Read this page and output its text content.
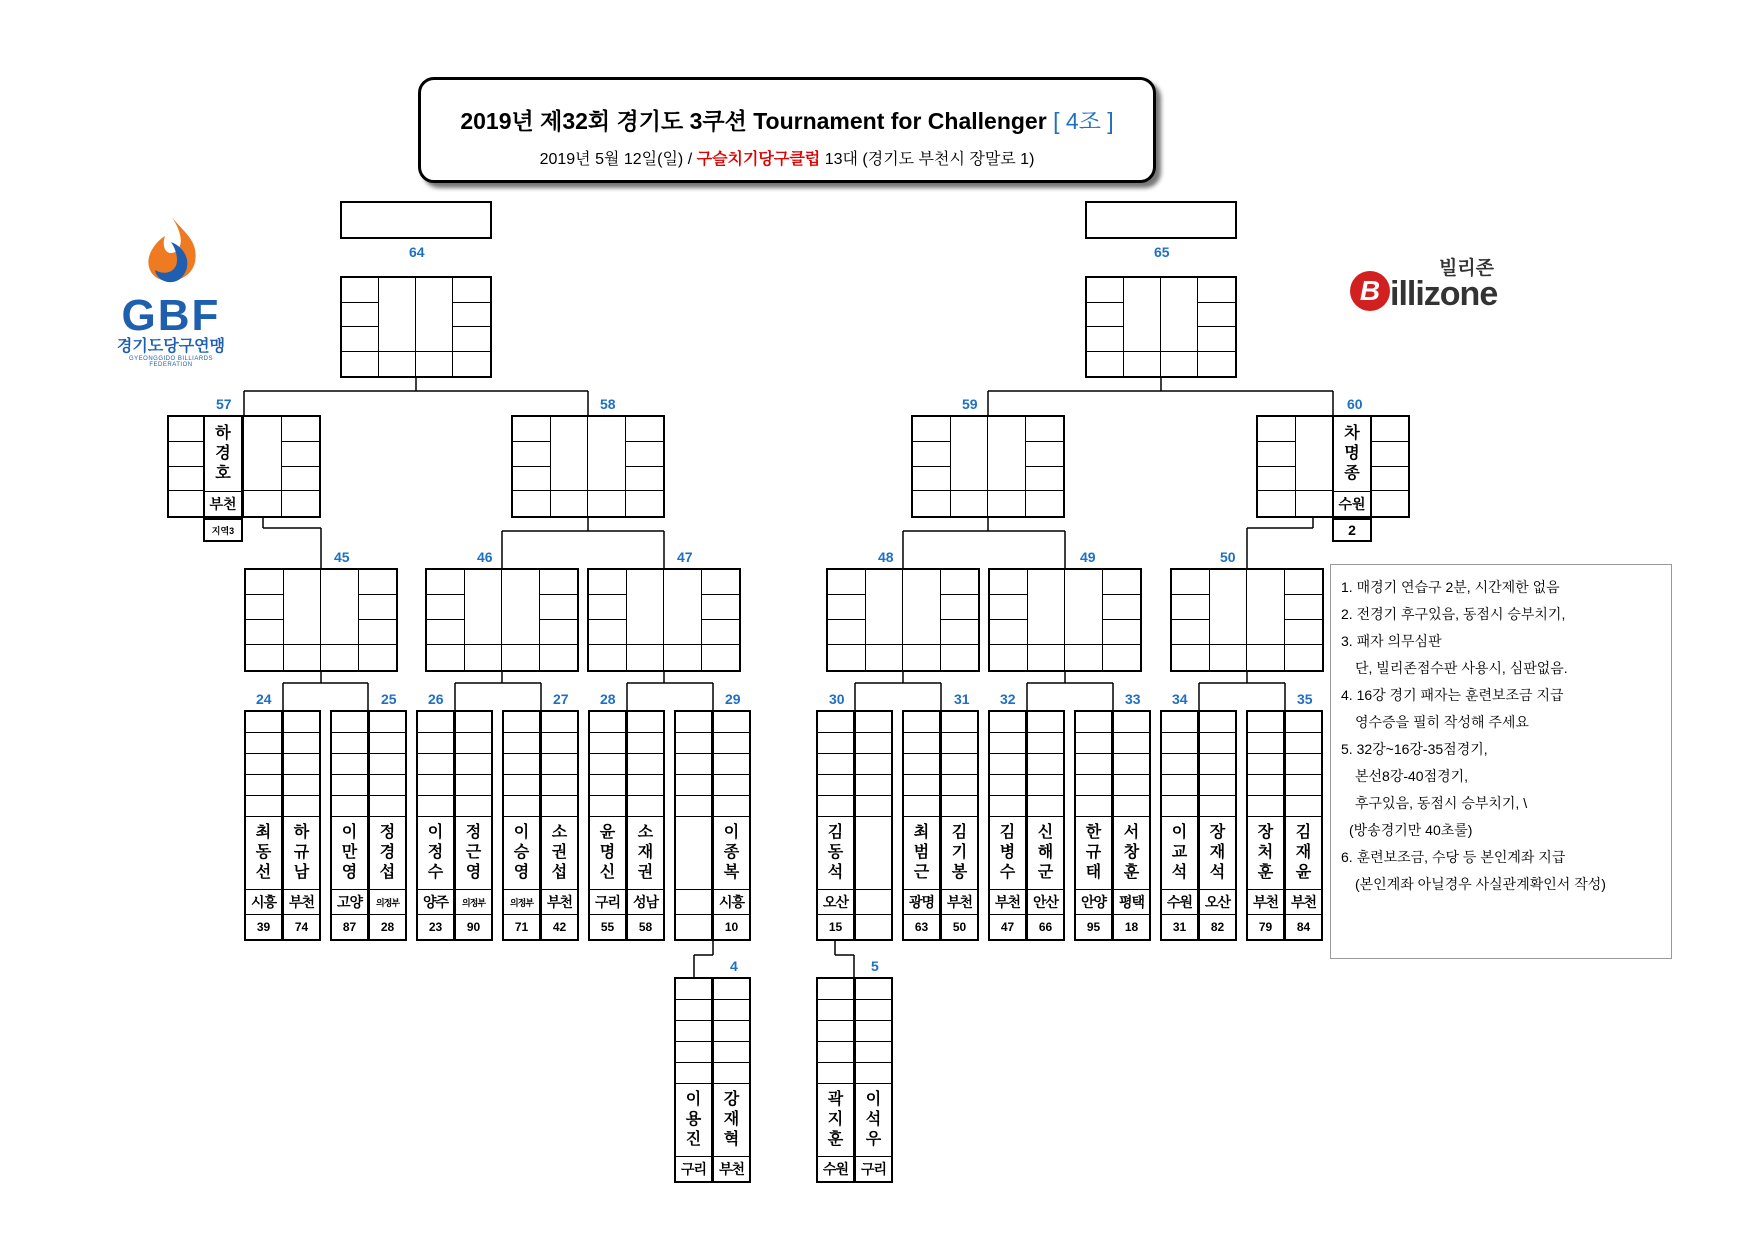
2019년 제32회 경기도 3쿠션 Tournament for Challenger [ 4조 ]
2019년 5월 12일(일) / 구슬치기당구클럽 13대 (경기도 부천시 장말로 1)
GBF
경기도당구연맹
GYEONGGIDO BILLIARDS FEDERATION
빌리존
B illizone
64	65
57	58	59	60
45	46	47	48	49	50
24	25 26	27 28	29	30	31 32	33 34	35
4	5
하
경
호
부천
지역3
차
명
종
수원
2
최
동
선
시흥
39
하
규
남
부천
74
이
만
영
고양
87
정
경
섭
의정부
28
이
정
수
양주
23
정
근
영
의정부
90
이
승
영
의정부
71
소
권
섭
부천
42
윤
명
신
구리
55
소
재
권
성남
58
이
종
복
시흥
10
김
동
석
오산
15
최
범
근
광명
63
김
기
봉
부천
50
김
병
수
부천
47
신
해
군
안산
66
한
규
태
안양
95
서
창
훈
평택
18
이
교
석
수원
31
장
재
석
오산
82
장
처
훈
부천
79
김
재
윤
부천
84
이
용
진
구리
강
재
혁
부천
곽
지
훈
수원
이
석
우
구리
1. 매경기 연습구 2분, 시간제한 없음
2. 전경기 후구있음, 동점시 승부치기,
3. 패자 의무심판
단, 빌리존점수판 사용시, 심판없음.
4. 16강 경기 패자는 훈련보조금 지급
영수증을 필히 작성해 주세요
5. 32강~16강-35점경기,
본선8강-40점경기,
후구있음, 동점시 승부치기, \
(방송경기만 40초룰)
6. 훈련보조금, 수당 등 본인계좌 지급
(본인계좌 아닐경우 사실관계확인서 작성)
